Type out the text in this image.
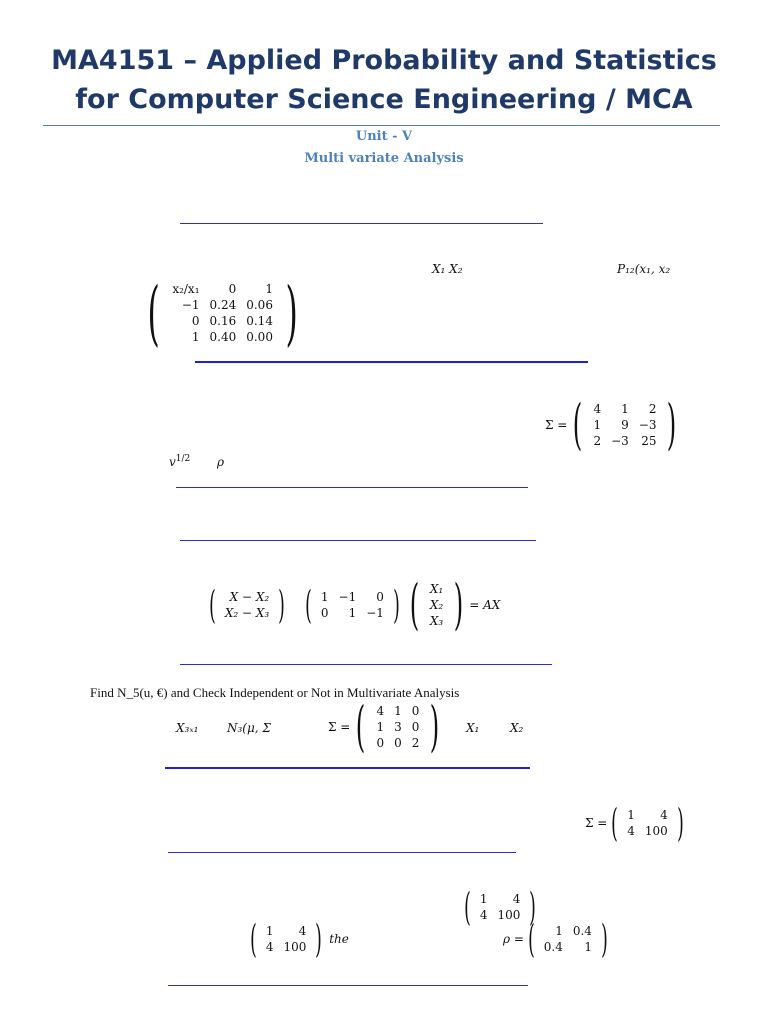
MA4151 – Applied Probability and Statistics
for Computer Science Engineering / MCA
Unit - V
Multi variate Analysis
X₁ X₂	P₁₂(x₁, x₂
( x₂/x₁	0	1
−1	0.24	0.06
0	0.16	0.14
1	0.40	0.00 )
Σ = ( 4	1	2
1	9	−3
2	−3	25 )
$v^{1/2}$ ρ
( X − X₂
X₂ − X₃ ) ( 1	−1	0
0	1	−1 ) ( X₁
X₂
X₃ ) = AX
Find N_5(u, €) and Check Independent or Not in Multivariate Analysis
X₃ₓ₁ N₃(μ, Σ	Σ = ( 4	1	0
1	3	0
0	0	2 ) X₁	X₂
Σ = ( 1	4
4	100 )
( 1	4
4	100 )
( 1	4
4	100 ) the	ρ = ( 1	0.4
0.4	1 )
